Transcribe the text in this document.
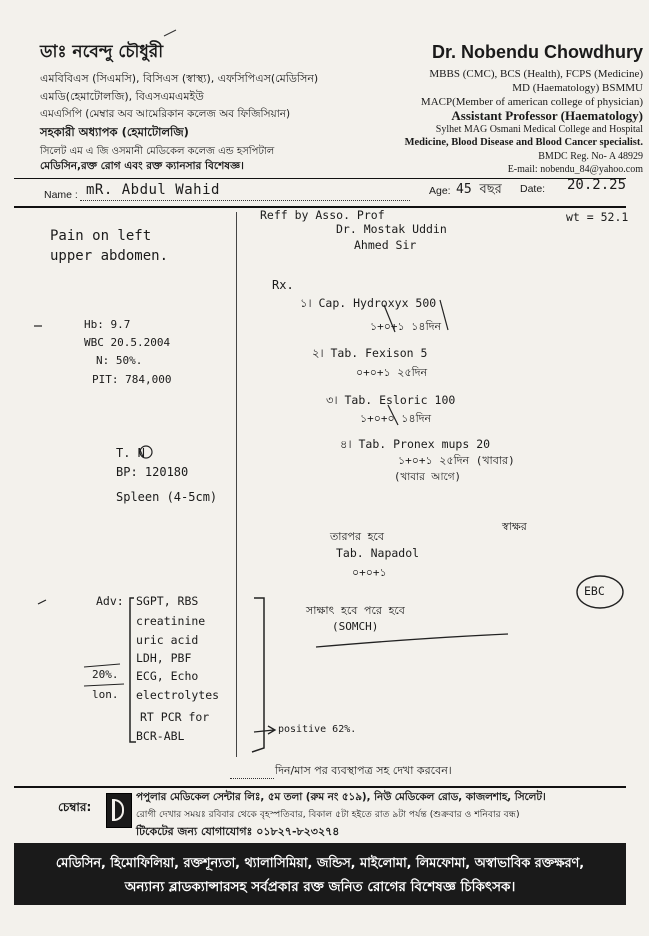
ডাঃ নবেন্দু চৌধুরী
এমবিবিএস (সিএমসি), বিসিএস (স্বাস্থ্য), এফসিপিএস(মেডিসিন)
এমডি(হেমাটোলজি), বিএসএমএমইউ
এমএসিপি (মেম্বার অব আমেরিকান কলেজ অব ফিজিসিয়ান)
সহকারী অধ্যাপক (হেমাটোলজি)
সিলেট এম এ জি ওসমানী মেডিকেল কলেজ এন্ড হসপিটাল
মেডিসিন,রক্ত রোগ এবং রক্ত ক্যানসার বিশেষজ্ঞ।
Dr. Nobendu Chowdhury
MBBS (CMC), BCS (Health), FCPS (Medicine)
MD (Haematology) BSMMU
MACP(Member of american college of physician)
Assistant Professor (Haematology)
Sylhet MAG Osmani Medical College and Hospital
Medicine, Blood Disease and Blood Cancer specialist.
BMDC Reg. No- A 48929
E-mail: nobendu_84@yahoo.com
Name : mR. Abdul Wahid	Age: 45 বছর Date: 20.2.25
Pain on left
upper abdomen.
Hb: 9.7
WBC 20.5.2004
N: 50%.
PIT: 784,000
T. N
BP: 120180
Spleen (4-5cm)
Adv: SGPT, RBS
creatinine
uric acid
LDH, PBF
ECG, Echo
electrolytes
RT PCR for
BCR-ABL
20%.
lon.
positive 62%.
Reff by Asso. Prof
Dr. Mostak Uddin
Ahmed Sir
wt = 52.1
Rx.
১। Cap. Hydroxyx 500
১+০+১ ১৪দিন
২। Tab. Fexison 5
০+০+১ ২৫দিন
৩। Tab. Esloric 100
১+০+০ ১৪দিন
৪। Tab. Pronex mups 20
১+০+১ ২৫দিন (খাবার)
(খাবার আগে)
তারপর হবে
Tab. Napadol
০+০+১
স্বাক্ষর
EBC
সাক্ষাৎ হবে পরে হবে
(SOMCH)
দিন/মাস পর ব্যবস্থাপত্র সহ দেখা করবেন।
চেম্বার:
পপুলার মেডিকেল সেন্টার লিঃ, ৫ম তলা (রুম নং ৫১৯), নিউ মেডিকেল রোড, কাজলশাহ, সিলেট।
রোগী দেখার সময়ঃ রবিবার থেকে বৃহস্পতিবার, বিকাল ৫টা হইতে রাত ৯টা পর্যন্ত (শুক্রবার ও শনিবার বন্ধ)
টিকেটের জন্য যোগাযোগঃ ০১৮২৭-৮২৩২৭৪
মেডিসিন, হিমোফিলিয়া, রক্তশূন্যতা, থ্যালাসিমিয়া, জন্ডিস, মাইলোমা, লিমফোমা, অস্বাভাবিক রক্তক্ষরণ,
অন্যান্য ব্লাডক্যান্সারসহ সর্বপ্রকার রক্ত জনিত রোগের বিশেষজ্ঞ চিকিৎসক।
